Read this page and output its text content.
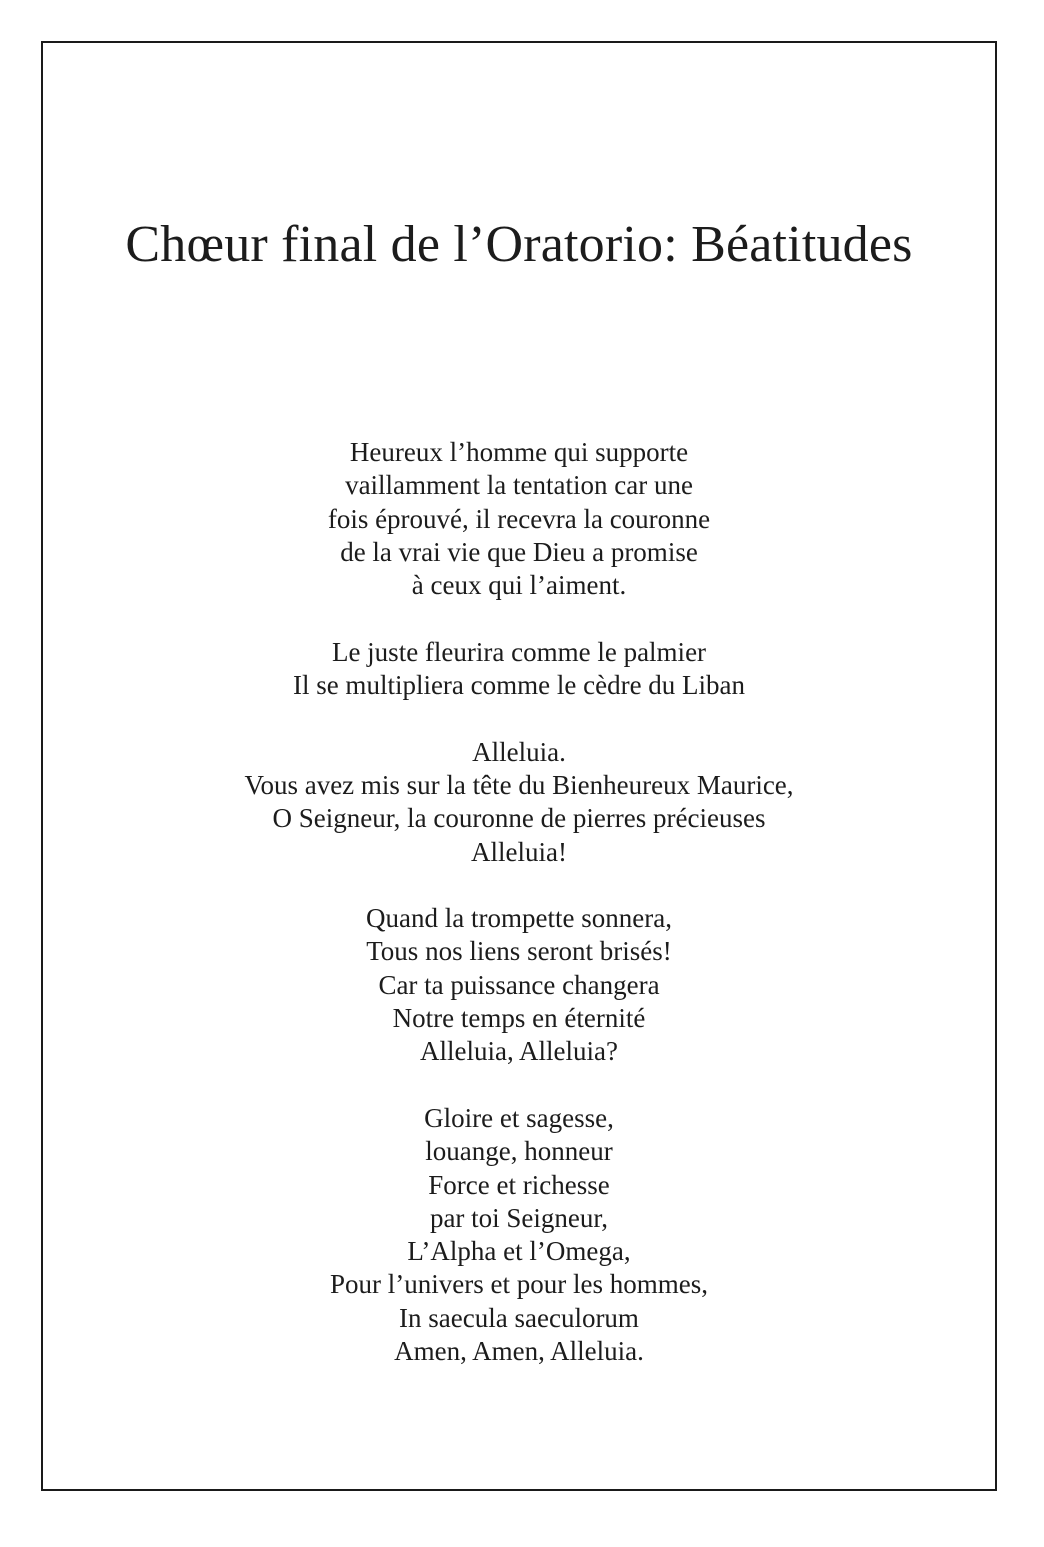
Chœur final de l’Oratorio: Béatitudes
Heureux l’homme qui supporte
vaillamment la tentation car une
fois éprouvé, il recevra la couronne
de la vrai vie que Dieu a promise
à ceux qui l’aiment.
Le juste fleurira comme le palmier
Il se multipliera comme le cèdre du Liban
Alleluia.
Vous avez mis sur la tête du Bienheureux Maurice,
O Seigneur, la couronne de pierres précieuses
Alleluia!
Quand la trompette sonnera,
Tous nos liens seront brisés!
Car ta puissance changera
Notre temps en éternité
Alleluia, Alleluia?
Gloire et sagesse,
louange, honneur
Force et richesse
par toi Seigneur,
L’Alpha et l’Omega,
Pour l’univers et pour les hommes,
In saecula saeculorum
Amen, Amen, Alleluia.
